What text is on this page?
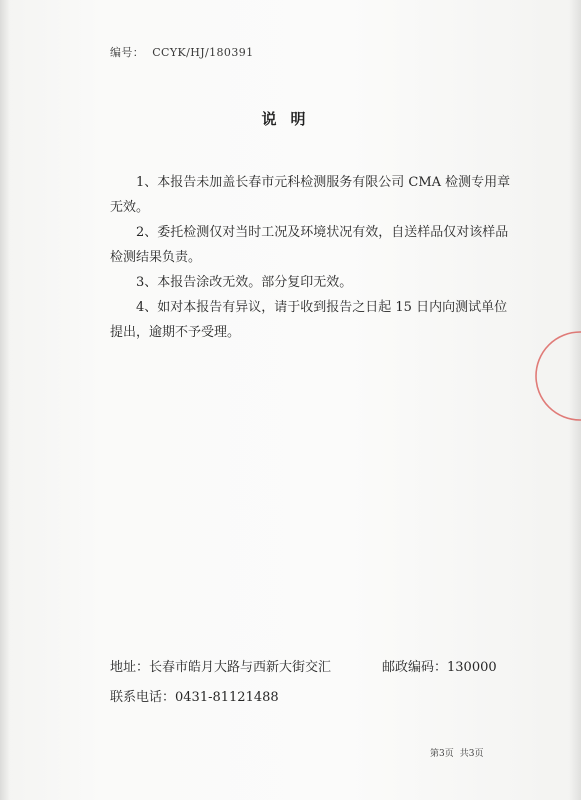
编号： CCYK/HJ/180391
说明

1、本报告未加盖长春市元科检测服务有限公司 CMA 检测专用章无效。

2、委托检测仅对当时工况及环境状况有效，自送样品仅对该样品检测结果负责。

3、本报告涂改无效。部分复印无效。

4、如对本报告有异议，请于收到报告之日起 15 日内向测试单位提出，逾期不予受理。

地址：长春市皓月大路与西新大街交汇	邮政编码：130000
联系电话：0431-81121488
第3页 共3页
